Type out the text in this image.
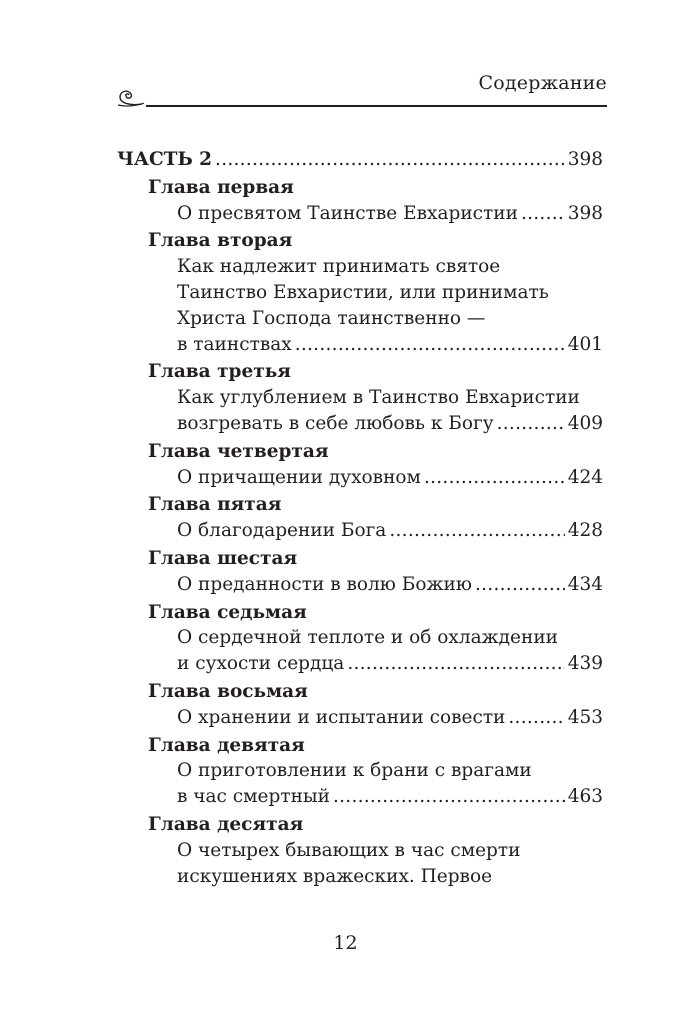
Содержание
ЧАСТЬ 2 . . .	398
Глава первая
О пресвятом Таинстве Евхаристии . . .	398
Глава вторая
Как надлежит принимать святое
Таинство Евхаристии, или принимать
Христа Господа таинственно —
в таинствах . . .	401
Глава третья
Как углублением в Таинство Евхаристии
возгревать в себе любовь к Богу . . .	409
Глава четвертая
О причащении духовном . . .	424
Глава пятая
О благодарении Бога . . .	428
Глава шестая
О преданности в волю Божию . . .	434
Глава седьмая
О сердечной теплоте и об охлаждении
и сухости сердца . . .	439
Глава восьмая
О хранении и испытании совести . . .	453
Глава девятая
О приготовлении к брани с врагами
в час смертный . . .	463
Глава десятая
О четырех бывающих в час смерти
искушениях вражеских. Первое
12
